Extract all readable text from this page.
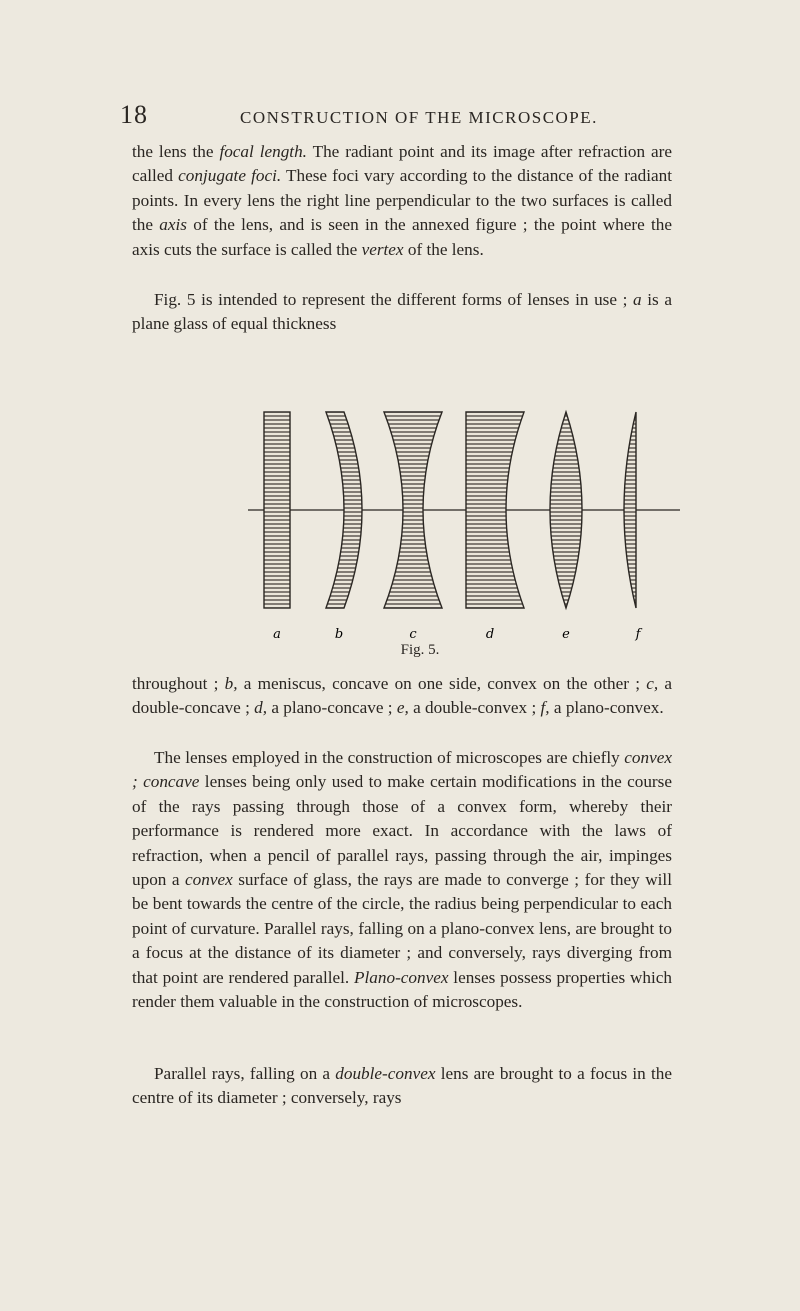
18	CONSTRUCTION OF THE MICROSCOPE.

the lens the focal length. The radiant point and its image after refraction are called conjugate foci. These foci vary according to the distance of the radiant points. In every lens the right line perpendicular to the two surfaces is called the axis of the lens, and is seen in the annexed figure ; the point where the axis cuts the surface is called the vertex of the lens.

Fig. 5 is intended to represent the different forms of lenses in use ; a is a plane glass of equal thickness

a	b	c	d	e	f
Fig. 5.

throughout ; b, a meniscus, concave on one side, convex on the other ; c, a double-concave ; d, a plano-concave ; e, a double-convex ; f, a plano-convex.

The lenses employed in the construction of microscopes are chiefly convex ; concave lenses being only used to make certain modifications in the course of the rays passing through those of a convex form, whereby their performance is rendered more exact. In accordance with the laws of refraction, when a pencil of parallel rays, passing through the air, impinges upon a convex surface of glass, the rays are made to converge ; for they will be bent towards the centre of the circle, the radius being perpendicular to each point of curvature. Parallel rays, falling on a plano-convex lens, are brought to a focus at the distance of its diameter ; and conversely, rays diverging from that point are rendered parallel. Plano-convex lenses possess properties which render them valuable in the construction of microscopes.

Parallel rays, falling on a double-convex lens are brought to a focus in the centre of its diameter ; conversely, rays
